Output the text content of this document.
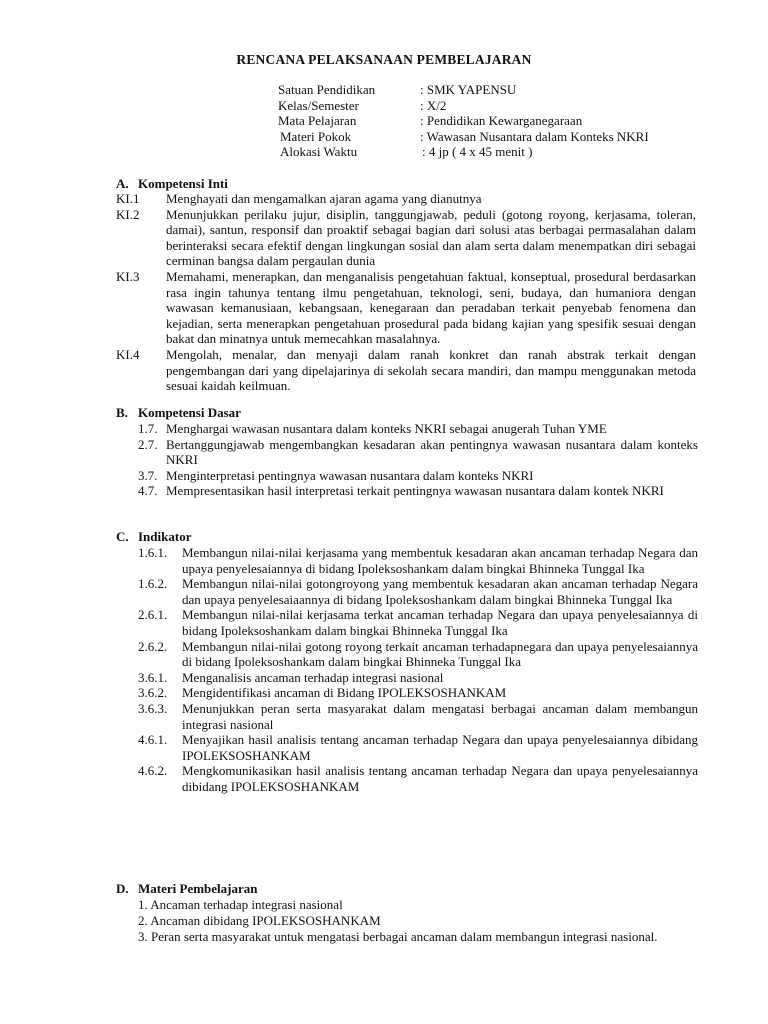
RENCANA PELAKSANAAN PEMBELAJARAN
Satuan Pendidikan	: SMK YAPENSU
Kelas/Semester	: X/2
Mata Pelajaran	: Pendidikan Kewarganegaraan
Materi Pokok	: Wawasan Nusantara dalam Konteks NKRI
Alokasi Waktu	: 4 jp ( 4 x 45 menit )
A. Kompetensi Inti
KI.1	Menghayati dan mengamalkan ajaran agama yang dianutnya
KI.2	Menunjukkan perilaku jujur, disiplin, tanggungjawab, peduli (gotong royong, kerjasama, toleran, damai), santun, responsif dan proaktif sebagai bagian dari solusi atas berbagai permasalahan dalam berinteraksi secara efektif dengan lingkungan sosial dan alam serta dalam menempatkan diri sebagai cerminan bangsa dalam pergaulan dunia
KI.3	Memahami, menerapkan, dan menganalisis pengetahuan faktual, konseptual, prosedural berdasarkan rasa ingin tahunya tentang ilmu pengetahuan, teknologi, seni, budaya, dan humaniora dengan wawasan kemanusiaan, kebangsaan, kenegaraan dan peradaban terkait penyebab fenomena dan kejadian, serta menerapkan pengetahuan prosedural pada bidang kajian yang spesifik sesuai dengan bakat dan minatnya untuk memecahkan masalahnya.
KI.4	Mengolah, menalar, dan menyaji dalam ranah konkret dan ranah abstrak terkait dengan pengembangan dari yang dipelajarinya di sekolah secara mandiri, dan mampu menggunakan metoda sesuai kaidah keilmuan.
B. Kompetensi Dasar
1.7. Menghargai wawasan nusantara dalam konteks NKRI sebagai anugerah Tuhan YME
2.7. Bertanggungjawab mengembangkan kesadaran akan pentingnya wawasan nusantara dalam konteks NKRI
3.7. Menginterpretasi pentingnya wawasan nusantara dalam konteks NKRI
4.7. Mempresentasikan hasil interpretasi terkait pentingnya wawasan nusantara dalam kontek NKRI
C. Indikator
1.6.1.	Membangun nilai-nilai kerjasama yang membentuk kesadaran akan ancaman terhadap Negara dan upaya penyelesaiannya di bidang Ipoleksoshankam dalam bingkai Bhinneka Tunggal Ika
1.6.2.	Membangun nilai-nilai gotongroyong yang membentuk kesadaran akan ancaman terhadap Negara dan upaya penyelesaiaannya di bidang Ipoleksoshankam dalam bingkai Bhinneka Tunggal Ika
2.6.1.	Membangun nilai-nilai kerjasama terkat ancaman terhadap Negara dan upaya penyelesaiannya di bidang Ipoleksoshankam dalam bingkai Bhinneka Tunggal Ika
2.6.2.	Membangun nilai-nilai gotong royong terkait ancaman terhadapnegara dan upaya penyelesaiannya di bidang Ipoleksoshankam dalam bingkai Bhinneka Tunggal Ika
3.6.1.	Menganalisis ancaman terhadap integrasi nasional
3.6.2.	Mengidentifikasi ancaman di Bidang IPOLEKSOSHANKAM
3.6.3.	Menunjukkan peran serta masyarakat dalam mengatasi berbagai ancaman dalam membangun integrasi nasional
4.6.1.	Menyajikan hasil analisis tentang ancaman terhadap Negara dan upaya penyelesaiannya dibidang IPOLEKSOSHANKAM
4.6.2.	Mengkomunikasikan hasil analisis tentang ancaman terhadap Negara dan upaya penyelesaiannya dibidang IPOLEKSOSHANKAM
D. Materi Pembelajaran
1. Ancaman terhadap integrasi nasional
2. Ancaman dibidang IPOLEKSOSHANKAM
3. Peran serta masyarakat untuk mengatasi berbagai ancaman dalam membangun integrasi nasional.
